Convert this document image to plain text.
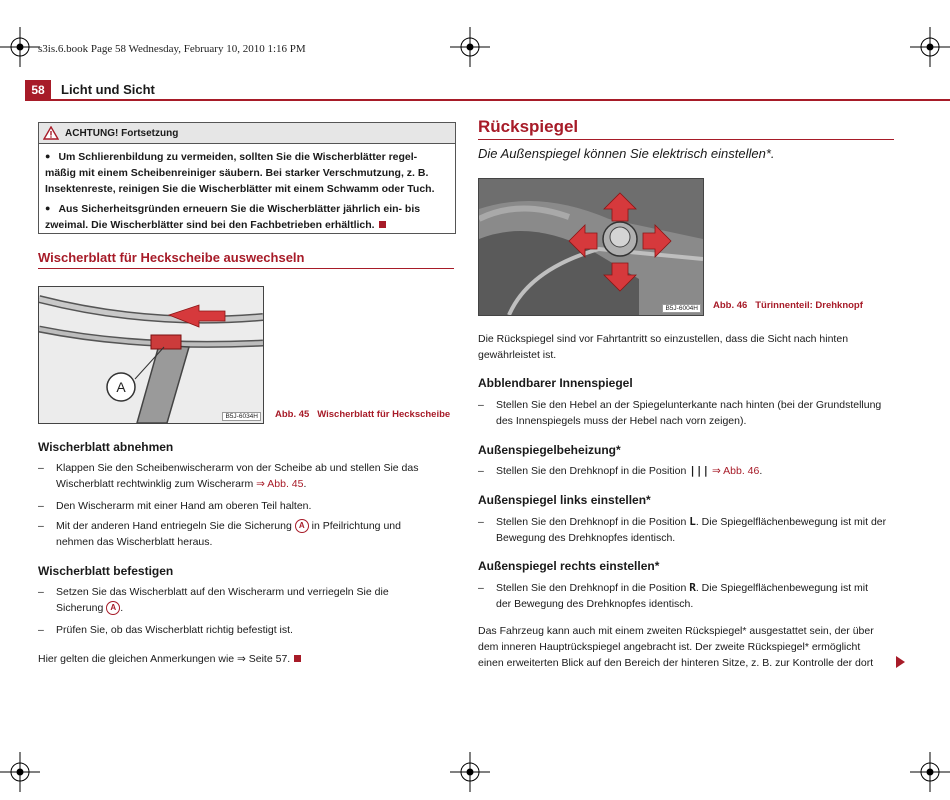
s3is.6.book Page 58 Wednesday, February 10, 2010 1:16 PM
58	Licht und Sicht
ACHTUNG! Fortsetzung

● Um Schlierenbildung zu vermeiden, sollten Sie die Wischerblätter regel-
mäßig mit einem Scheibenreiniger säubern. Bei starker Verschmutzung, z. B.
Insektenreste, reinigen Sie die Wischerblätter mit einem Schwamm oder Tuch.

● Aus Sicherheitsgründen erneuern Sie die Wischerblätter jährlich ein- bis
zweimal. Die Wischerblätter sind bei den Fachbetrieben erhältlich.

Wischerblatt für Heckscheibe auswechseln
A
B5J-6034H	Abb. 45 Wischerblatt für Heckscheibe
Wischerblatt abnehmen
– Klappen Sie den Scheibenwischerarm von der Scheibe ab und stellen Sie das
Wischerblatt rechtwinklig zum Wischerarm ⇒ Abb. 45.
– Den Wischerarm mit einer Hand am oberen Teil halten.
– Mit der anderen Hand entriegeln Sie die Sicherung A in Pfeilrichtung und
nehmen das Wischerblatt heraus.
Wischerblatt befestigen
– Setzen Sie das Wischerblatt auf den Wischerarm und verriegeln Sie die
Sicherung A .
– Prüfen Sie, ob das Wischerblatt richtig befestigt ist.
Hier gelten die gleichen Anmerkungen wie ⇒ Seite 57.
Rückspiegel
Die Außenspiegel können Sie elektrisch einstellen*.
B5J-6004H	Abb. 46 Türinnenteil: Drehknopf
Die Rückspiegel sind vor Fahrtantritt so einzustellen, dass die Sicht nach hinten
gewährleistet ist.
Abblendbarer Innenspiegel
– Stellen Sie den Hebel an der Spiegelunterkante nach hinten (bei der Grundstellung
des Innenspiegels muss der Hebel nach vorn zeigen).
Außenspiegelbeheizung*
– Stellen Sie den Drehknopf in die Position ||| ⇒ Abb. 46.
Außenspiegel links einstellen*
– Stellen Sie den Drehknopf in die Position L. Die Spiegelflächenbewegung ist mit der
Bewegung des Drehknopfes identisch.
Außenspiegel rechts einstellen*
– Stellen Sie den Drehknopf in die Position R. Die Spiegelflächenbewegung ist mit
der Bewegung des Drehknopfes identisch.
Das Fahrzeug kann auch mit einem zweiten Rückspiegel* ausgestattet sein, der über
dem inneren Hauptrückspiegel angebracht ist. Der zweite Rückspiegel* ermöglicht
einen erweiterten Blick auf den Bereich der hinteren Sitze, z. B. zur Kontrolle der dort
